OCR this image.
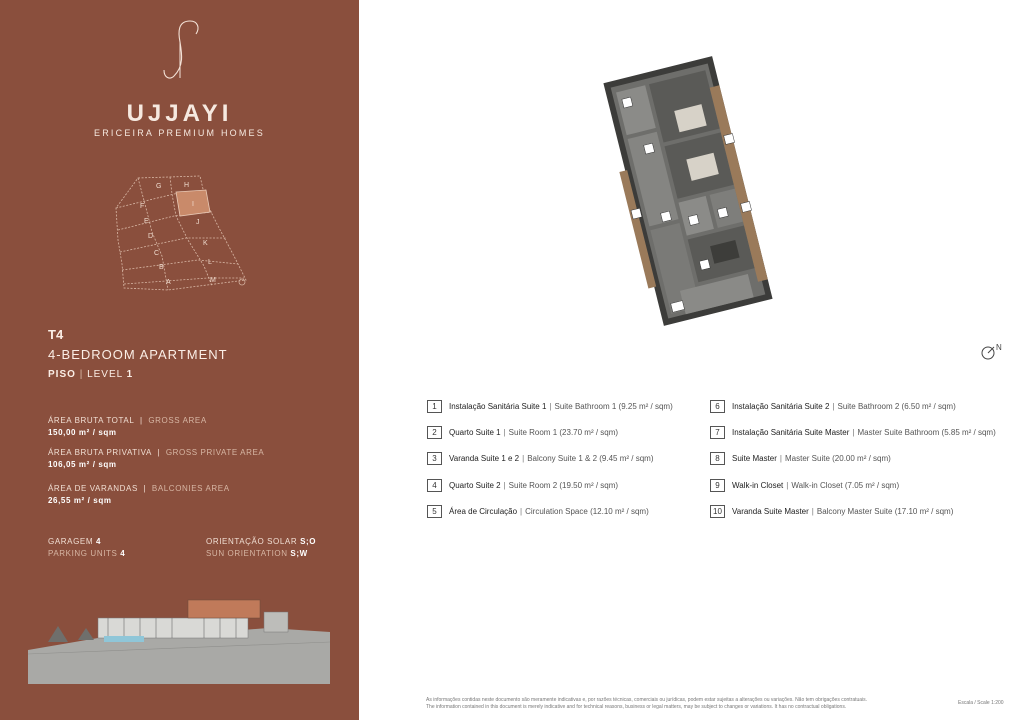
UJJAYI
ERICEIRA PREMIUM HOMES
G	H
F	I
E	J
D
K
C
L
B
M
A
T4
4-BEDROOM APARTMENT
PISO | LEVEL 1
ÁREA BRUTA TOTAL  |  GROSS AREA
150,00 m² / sqm
ÁREA BRUTA PRIVATIVA  |  GROSS PRIVATE AREA
106,05 m² / sqm
ÁREA DE VARANDAS  |  BALCONIES AREA
26,55 m² / sqm
GARAGEM 4
PARKING UNITS 4
ORIENTAÇÃO SOLAR S;O
SUN ORIENTATION S;W
N
1	Instalação Sanitária Suite 1 | Suite Bathroom 1
(9.25 m² / sqm)
2	Quarto Suite 1 | Suite Room 1
(23.70 m² / sqm)
3	Varanda Suite 1 e 2 | Balcony Suite 1 & 2
(9.45 m² / sqm)
4	Quarto Suite 2 | Suite Room 2
(19.50 m² / sqm)
5	Área de Circulação | Circulation Space
(12.10 m² / sqm)
6	Instalação Sanitária Suite 2 | Suite Bathroom 2
(6.50 m² / sqm)
7	Instalação Sanitária Suite Master | Master Suite Bathroom
(5.85 m² / sqm)
8	Suite Master | Master Suite
(20.00 m² / sqm)
9	Walk-in Closet | Walk-in Closet
(7.05 m² / sqm)
10	Varanda Suite Master | Balcony Master Suite
(17.10 m² / sqm)
As informações contidas neste documento são meramente indicativas e, por razões técnicas, comerciais ou jurídicas, podem estar sujeitas a alterações ou variações. Não tem obrigações contratuais.
The information contained in this document is merely indicative and for technical reasons, business or legal matters, may be subject to changes or variations. It has no contractual obligations.
Escala / Scale 1:200
